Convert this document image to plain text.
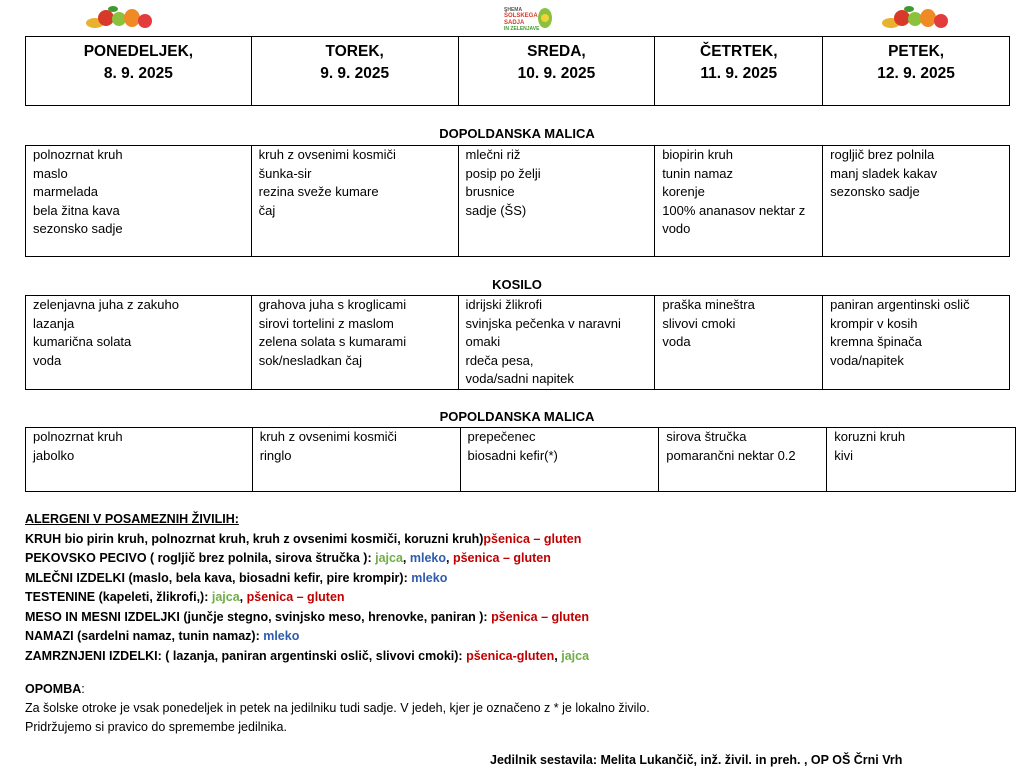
SHEMA
ŠOLSKEGA
SADJA
IN ZELENJAVE
PONEDELJEK,
8. 9. 2025

TOREK,
9. 9. 2025

SREDA,
10. 9. 2025

ČETRTEK,
11. 9. 2025

PETEK,
12. 9. 2025
DOPOLDANSKA MALICA
polnozrnat kruh
maslo
marmelada
bela žitna kava
sezonsko sadje

kruh z ovsenimi kosmiči
šunka-sir
rezina sveže kumare
čaj

mlečni riž
posip po želji
brusnice
sadje (ŠS)

biopirin kruh
tunin namaz
korenje
100% ananasov nektar z
vodo

rogljič brez polnila
manj sladek kakav
sezonsko sadje
KOSILO
zelenjavna juha z zakuho
lazanja
kumarična solata
voda

grahova juha s kroglicami
sirovi tortelini z maslom
zelena solata s kumarami
sok/nesladkan čaj

idrijski žlikrofi
svinjska pečenka v naravni
omaki
rdeča pesa,
voda/sadni napitek

praška mineštra
slivovi cmoki
voda

paniran argentinski oslič
krompir v kosih
kremna špinača
voda/napitek
POPOLDANSKA MALICA
polnozrnat kruh
jabolko

kruh z ovsenimi kosmiči
ringlo

prepečenec
biosadni kefir(*)

sirova štručka
pomarančni nektar 0.2

koruzni kruh
kivi
ALERGENI V POSAMEZNIH ŽIVILIH:
KRUH bio pirin kruh, polnozrnat kruh, kruh z ovsenimi kosmiči, koruzni kruh)pšenica – gluten
PEKOVSKO PECIVO ( rogljič brez polnila, sirova štručka ): jajca, mleko, pšenica – gluten
MLEČNI IZDELKI (maslo, bela kava, biosadni kefir, pire krompir): mleko
TESTENINE (kapeleti, žlikrofi,): jajca, pšenica – gluten
MESO IN MESNI IZDELJKI (junčje stegno, svinjsko meso, hrenovke, paniran ): pšenica – gluten
NAMAZI (sardelni namaz, tunin namaz): mleko
ZAMRZNJENI IZDELKI: ( lazanja, paniran argentinski oslič, slivovi cmoki): pšenica-gluten, jajca
OPOMBA:
Za šolske otroke je vsak ponedeljek in petek na jedilniku tudi sadje. V jedeh, kjer je označeno z * je lokalno živilo.
Pridržujemo si pravico do spremembe jedilnika.
Jedilnik sestavila: Melita Lukančič, inž. živil. in preh. , OP OŠ Črni Vrh
